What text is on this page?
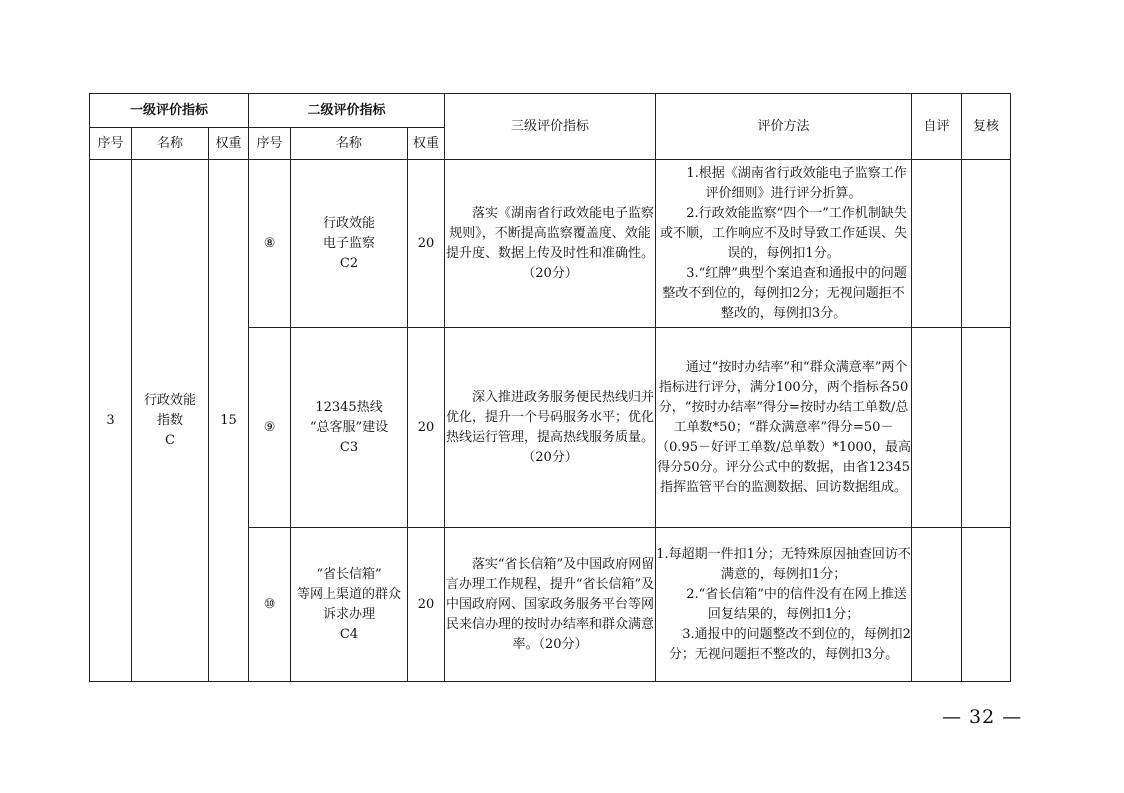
一级评价指标			二级评价指标			三级评价指标	评价方法	自评	复核
序号	名称	权重	序号	名称	权重				
3	行政效能
指数
C	15	⑧	行政效能
电子监察
C2	20	　　落实《湖南省行政效能电子监察规则》，不断提高监察覆盖度、效能提升度、数据上传及时性和准确性。（20分）	　　1.根据《湖南省行政效能电子监察工作评价细则》进行评分折算。
　　2.行政效能监察“四个一”工作机制缺失或不顺，工作响应不及时导致工作延误、失误的，每例扣1分。
　　3.“红牌”典型个案追查和通报中的问题整改不到位的，每例扣2分；无视问题拒不整改的，每例扣3分。		
			⑨	12345热线
“总客服”建设
C3	20	　　深入推进政务服务便民热线归并优化，提升一个号码服务水平；优化热线运行管理，提高热线服务质量。（20分）	　　通过“按时办结率”和“群众满意率”两个指标进行评分，满分100分，两个指标各50分，“按时办结率”得分=按时办结工单数/总工单数*50；“群众满意率”得分=50－（0.95－好评工单数/总单数）*1000，最高得分50分。评分公式中的数据，由省12345指挥监管平台的监测数据、回访数据组成。		
			⑩	“省长信箱”
等网上渠道的群众诉求办理
C4	20	　　落实“省长信箱”及中国政府网留言办理工作规程，提升“省长信箱”及中国政府网、国家政务服务平台等网民来信办理的按时办结率和群众满意率。（20分）	1.每超期一件扣1分；无特殊原因抽查回访不满意的，每例扣1分；
　　2.“省长信箱”中的信件没有在网上推送回复结果的，每例扣1分；
　　3.通报中的问题整改不到位的，每例扣2分；无视问题拒不整改的，每例扣3分。		
— 32 —
